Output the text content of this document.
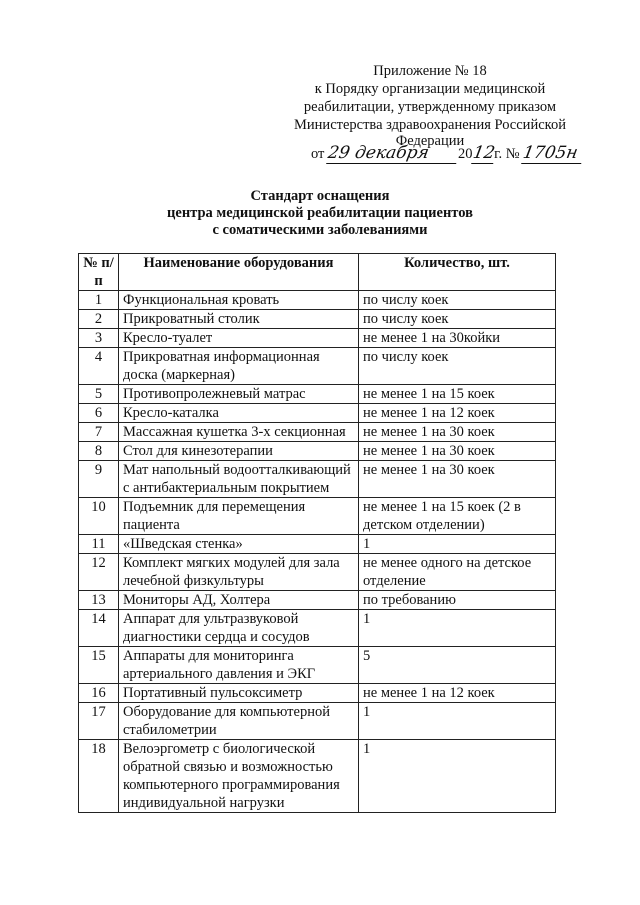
Приложение № 18
к Порядку организации медицинской
реабилитации, утвержденному приказом
Министерства здравоохранения Российской
Федерации
от 29 декабря 2012г. № 1705н
Стандарт оснащения
центра медицинской реабилитации пациентов
с соматическими заболеваниями
№ п/п	Наименование оборудования	Количество, шт.
1	Функциональная кровать	по числу коек
2	Прикроватный столик	по числу коек
3	Кресло-туалет	не менее 1 на 30койки
4	Прикроватная информационная доска (маркерная)	по числу коек
5	Противопролежневый матрас	не менее 1 на 15 коек
6	Кресло-каталка	не менее 1 на 12 коек
7	Массажная кушетка 3-х секционная	не менее 1 на 30 коек
8	Стол для кинезотерапии	не менее 1 на 30 коек
9	Мат напольный водоотталкивающий с антибактериальным покрытием	не менее 1 на 30 коек
10	Подъемник для перемещения пациента	не менее 1 на 15 коек (2 в детском отделении)
11	«Шведская стенка»	1
12	Комплект мягких модулей для зала лечебной физкультуры	не менее одного на детское отделение
13	Мониторы АД, Холтера	по требованию
14	Аппарат для ультразвуковой диагностики сердца и сосудов	1
15	Аппараты для мониторинга артериального давления и ЭКГ	5
16	Портативный пульсоксиметр	не менее 1 на 12 коек
17	Оборудование для компьютерной стабилометрии	1
18	Велоэргометр с биологической обратной связью и возможностью компьютерного программирования индивидуальной нагрузки	1
